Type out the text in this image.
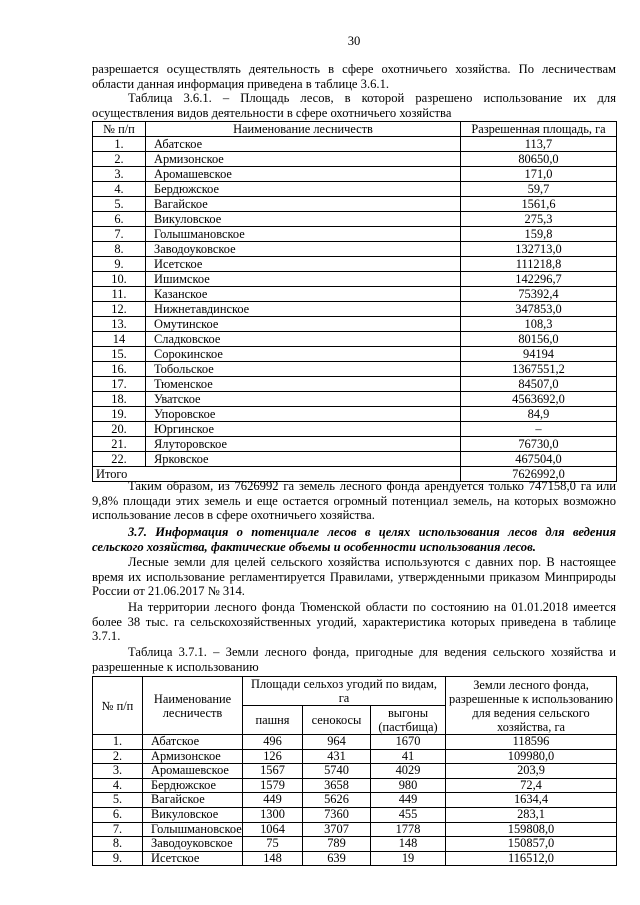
30
разрешается осуществлять деятельность в сфере охотничьего хозяйства. По лесничествам области данная информация приведена в таблице 3.6.1.
Таблица 3.6.1. – Площадь лесов, в которой разрешено использование их для осуществления видов деятельности в сфере охотничьего хозяйства
№ п/п	Наименование лесничеств	Разрешенная площадь, га
1.	Абатское	113,7
2.	Армизонское	80650,0
3.	Аромашевское	171,0
4.	Бердюжское	59,7
5.	Вагайское	1561,6
6.	Викуловское	275,3
7.	Голышмановское	159,8
8.	Заводоуковское	132713,0
9.	Исетское	111218,8
10.	Ишимское	142296,7
11.	Казанское	75392,4
12.	Нижнетавдинское	347853,0
13.	Омутинское	108,3
14	Сладковское	80156,0
15.	Сорокинское	94194
16.	Тобольское	1367551,2
17.	Тюменское	84507,0
18.	Уватское	4563692,0
19.	Упоровское	84,9
20.	Юргинское	–
21.	Ялуторовское	76730,0
22.	Ярковское	467504,0
Итого		7626992,0
Таким образом, из 7626992 га земель лесного фонда арендуется только 747158,0 га или 9,8% площади этих земель и еще остается огромный потенциал земель, на которых возможно использование лесов в сфере охотничьего хозяйства.
3.7. Информация о потенциале лесов в целях использования лесов для ведения сельского хозяйства, фактические объемы и особенности использования лесов.
Лесные земли для целей сельского хозяйства используются с давних пор. В настоящее время их использование регламентируется Правилами, утвержденными приказом Минприроды России от 21.06.2017 № 314.
На территории лесного фонда Тюменской области по состоянию на 01.01.2018 имеется более 38 тыс. га сельскохозяйственных угодий, характеристика которых приведена в таблице 3.7.1.
Таблица 3.7.1. – Земли лесного фонда, пригодные для ведения сельского хозяйства и разрешенные к использованию
№ п/п	Наименование лесничеств	Площади сельхоз угодий по видам, га			Земли лесного фонда, разрешенные к использованию для ведения сельского хозяйства, га
		пашня	сенокосы	выгоны (пастбища)	
1.	Абатское	496	964	1670	118596
2.	Армизонское	126	431	41	109980,0
3.	Аромашевское	1567	5740	4029	203,9
4.	Бердюжское	1579	3658	980	72,4
5.	Вагайское	449	5626	449	1634,4
6.	Викуловское	1300	7360	455	283,1
7.	Голышмановское	1064	3707	1778	159808,0
8.	Заводоуковское	75	789	148	150857,0
9.	Исетское	148	639	19	116512,0
